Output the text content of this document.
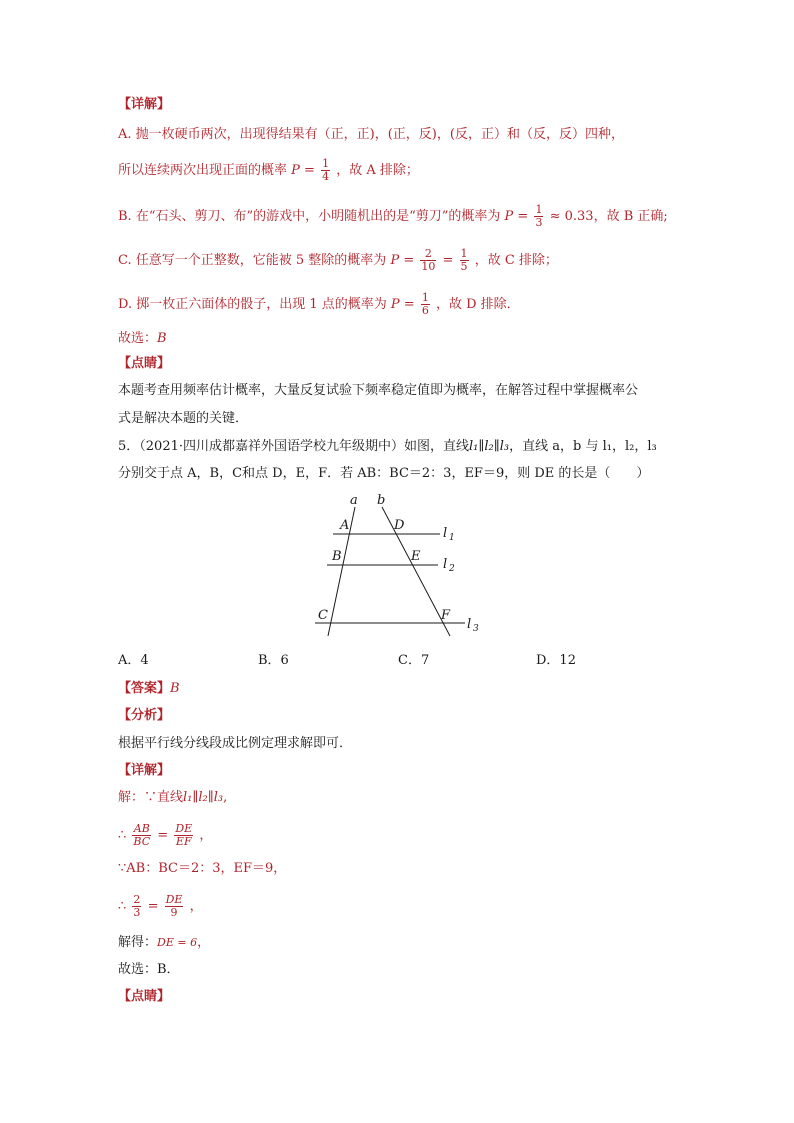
【详解】
A. 抛一枚硬币两次，出现得结果有（正，正)，(正，反)，(反，正）和（反，反）四种，
所以连续两次出现正面的概率 $P = \frac{1}{4}$ ，故 A 排除；
B. 在“石头、剪刀、布”的游戏中，小明随机出的是“剪刀”的概率为 $P = \frac{1}{3} \approx 0.33$，故 B 正确;
C. 任意写一个正整数，它能被 5 整除的概率为 $P = \frac{2}{10} = \frac{1}{5}$ ，故 C 排除；
D. 掷一枚正六面体的骰子，出现 1 点的概率为 $P = \frac{1}{6}$ ，故 D 排除．
故选：B
【点睛】
本题考查用频率估计概率，大量反复试验下频率稳定值即为概率，在解答过程中掌握概率公
式是解决本题的关键．
5．（2021·四川成都嘉祥外国语学校九年级期中）如图，直线l₁∥l₂∥l₃，直线 a，b 与 l₁，l₂，l₃
分别交于点 A，B，C和点 D，E，F．若 AB：BC＝2：3，EF＝9，则 DE 的长是（　　）
a b
A	D
B	E
C	F
l 1
l 2
l 3
A．4	B．6	C．7	D．12
【答案】B
【分析】
根据平行线分线段成比例定理求解即可．
【详解】
解：∵直线l₁∥l₂∥l₃,
∴ $\frac{AB}{BC} = \frac{DE}{EF}$ ，
∵AB：BC＝2：3，EF＝9，
∴ $\frac{2}{3} = \frac{DE}{9}$ ，
解得：DE = 6，
故选：B．
【点睛】
